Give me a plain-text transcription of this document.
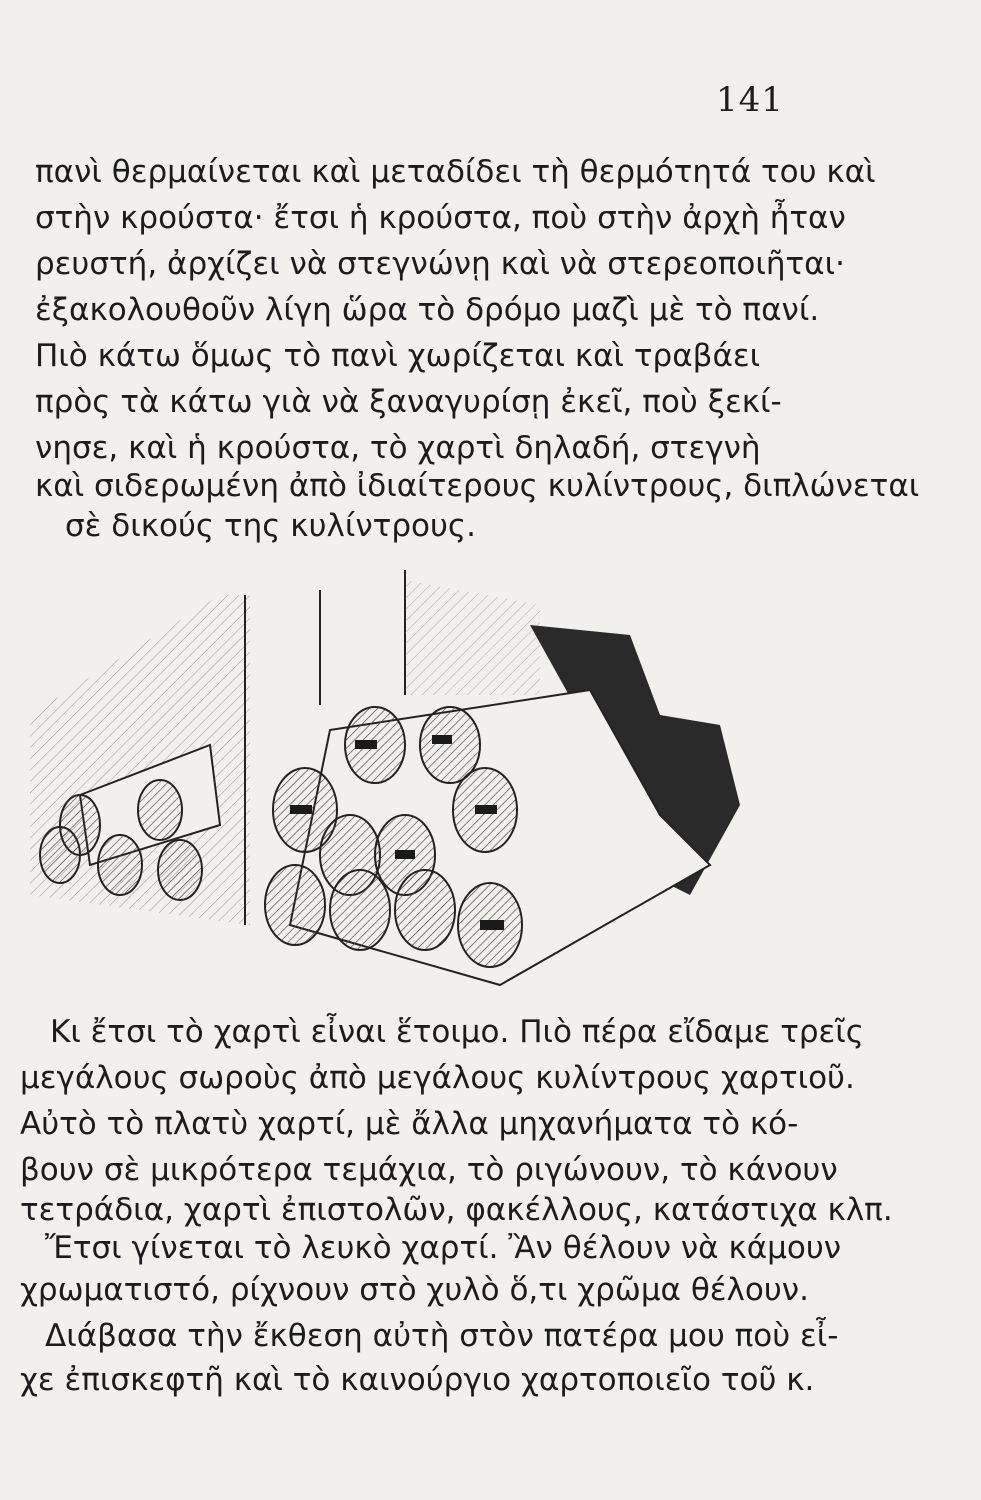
141
πανὶ θερμαίνεται καὶ μεταδίδει τὴ θερμότητά του καὶ
στὴν κρούστα· ἔτσι ἡ κρούστα, ποὺ στὴν ἀρχὴ ἦταν
ρευστή, ἀρχίζει νὰ στεγνώνῃ καὶ νὰ στερεοποιῆται·
ἐξακολουθοῦν λίγη ὥρα τὸ δρόμο μαζὶ μὲ τὸ πανί.
Πιὸ κάτω ὅμως τὸ πανὶ χωρίζεται καὶ τραβάει
πρὸς τὰ κάτω γιὰ νὰ ξαναγυρίσῃ ἐκεῖ, ποὺ ξεκί-
νησε, καὶ ἡ κρούστα, τὸ χαρτὶ δηλαδή, στεγνὴ
καὶ σιδερωμένη ἀπὸ ἰδιαίτερους κυλίντρους, διπλώνεται
σὲ δικούς της κυλίντρους.
Κι ἔτσι τὸ χαρτὶ εἶναι ἕτοιμο. Πιὸ πέρα εἴδαμε τρεῖς
μεγάλους σωροὺς ἀπὸ μεγάλους κυλίντρους χαρτιοῦ.
Αὐτὸ τὸ πλατὺ χαρτί, μὲ ἄλλα μηχανήματα τὸ κό-
βουν σὲ μικρότερα τεμάχια, τὸ ριγώνουν, τὸ κάνουν
τετράδια, χαρτὶ ἐπιστολῶν, φακέλλους, κατάστιχα κλπ.
Ἔτσι γίνεται τὸ λευκὸ χαρτί. Ἂν θέλουν νὰ κάμουν
χρωματιστό, ρίχνουν στὸ χυλὸ ὅ,τι χρῶμα θέλουν.
Διάβασα τὴν ἔκθεση αὐτὴ στὸν πατέρα μου ποὺ εἶ-
χε ἐπισκεφτῆ καὶ τὸ καινούργιο χαρτοποιεῖο τοῦ κ.
